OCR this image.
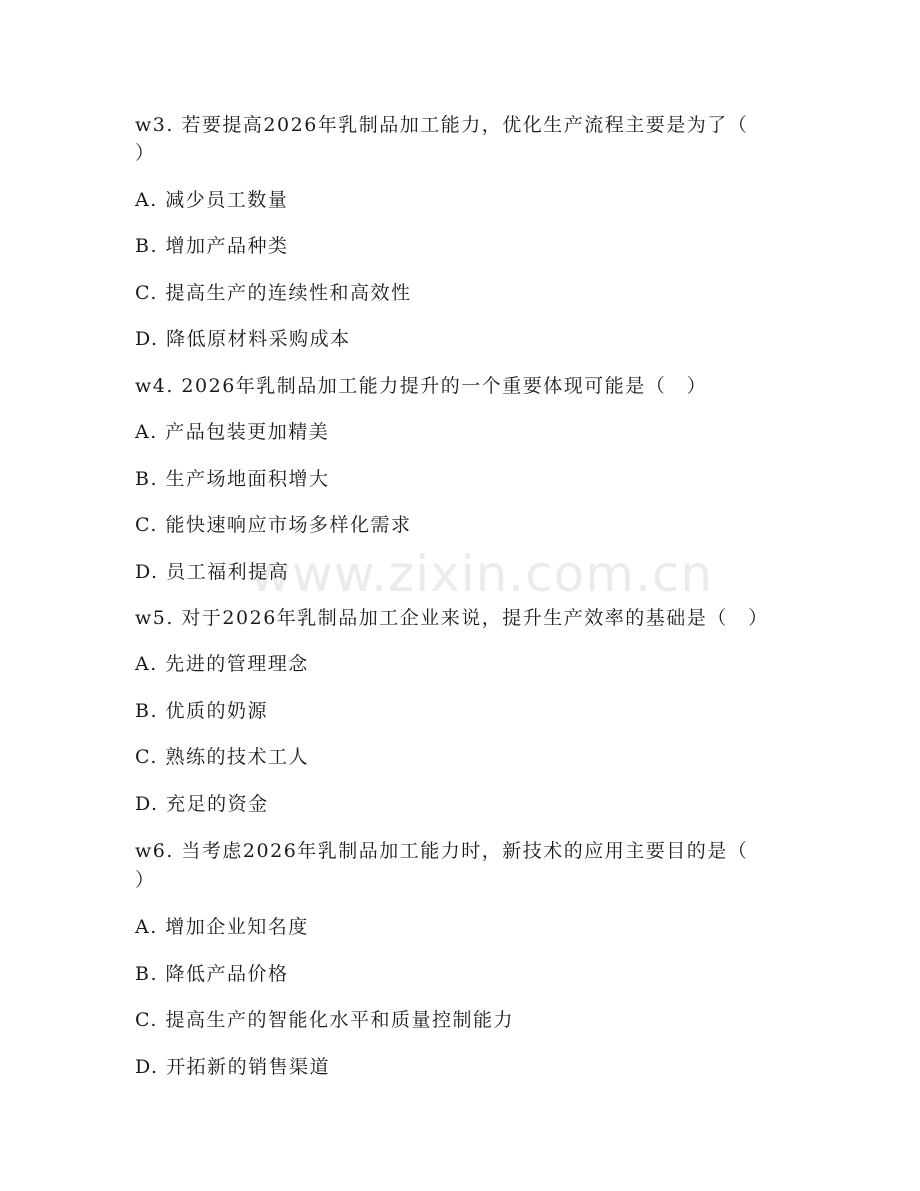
w3. 若要提高2026年乳制品加工能力，优化生产流程主要是为了（
）
A. 减少员工数量
B. 增加产品种类
C. 提高生产的连续性和高效性
D. 降低原材料采购成本
w4. 2026年乳制品加工能力提升的一个重要体现可能是（　）
A. 产品包装更加精美
B. 生产场地面积增大
C. 能快速响应市场多样化需求
D. 员工福利提高
w5. 对于2026年乳制品加工企业来说，提升生产效率的基础是（　）
A. 先进的管理理念
B. 优质的奶源
C. 熟练的技术工人
D. 充足的资金
w6. 当考虑2026年乳制品加工能力时，新技术的应用主要目的是（
）
A. 增加企业知名度
B. 降低产品价格
C. 提高生产的智能化水平和质量控制能力
D. 开拓新的销售渠道
www.zixin.com.cn
